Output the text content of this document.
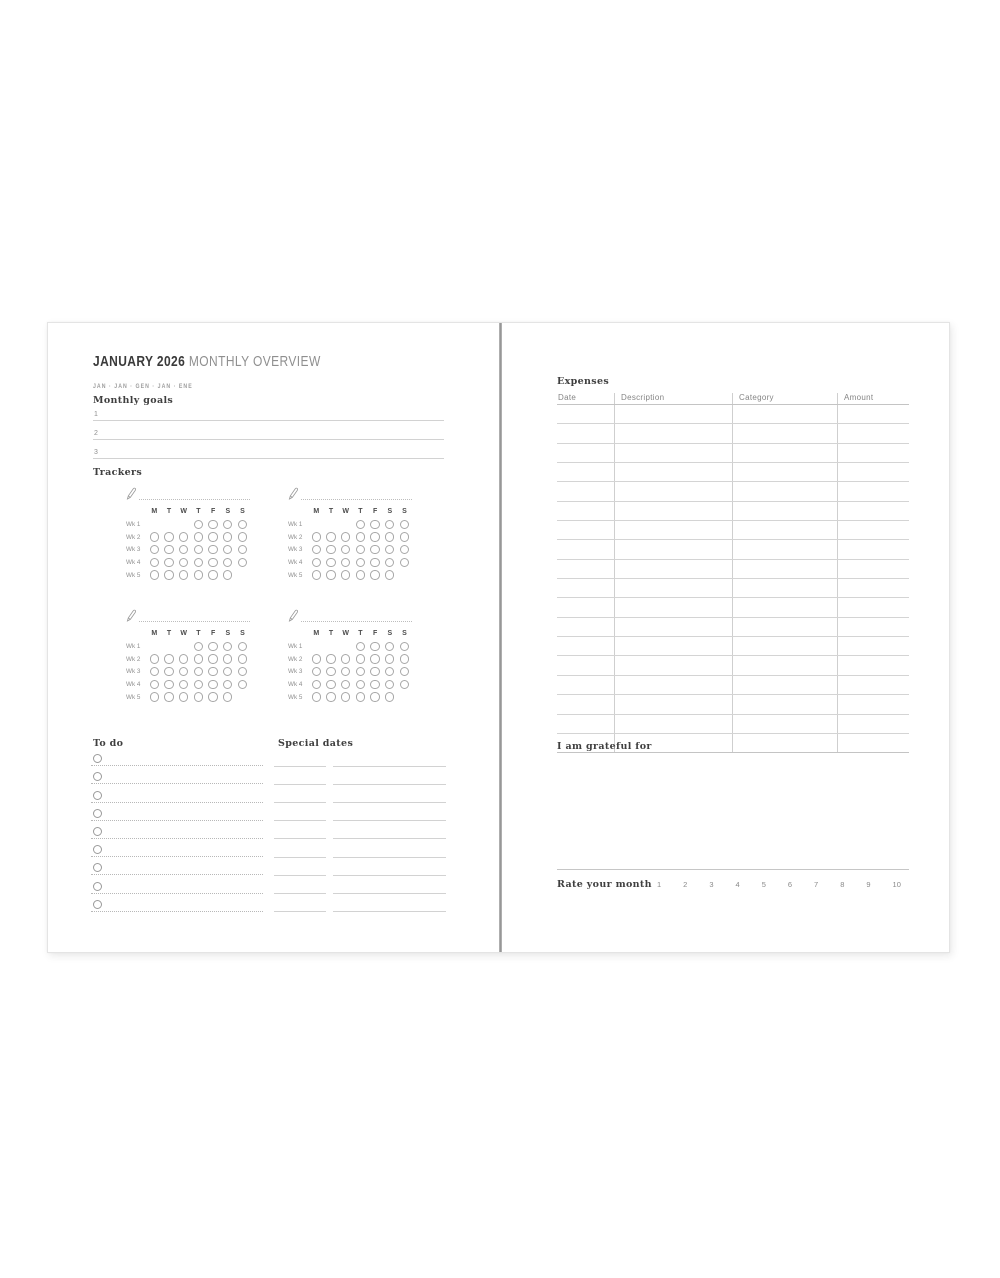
JANUARY 2026 MONTHLY OVERVIEW
JAN · JAN · GEN · JAN · ENE
Monthly goals
1
2
3
Trackers
M	T	W	T	F	S	S
Wk 1
Wk 2
Wk 3
Wk 4
Wk 5
M	T	W	T	F	S	S
Wk 1
Wk 2
Wk 3
Wk 4
Wk 5
M	T	W	T	F	S	S
Wk 1
Wk 2
Wk 3
Wk 4
Wk 5
M	T	W	T	F	S	S
Wk 1
Wk 2
Wk 3
Wk 4
Wk 5
To do	Special dates
Expenses
Date	Description	Category	Amount
I am grateful for
Rate your month 1	2	3	4	5	6	7	8	9	10
